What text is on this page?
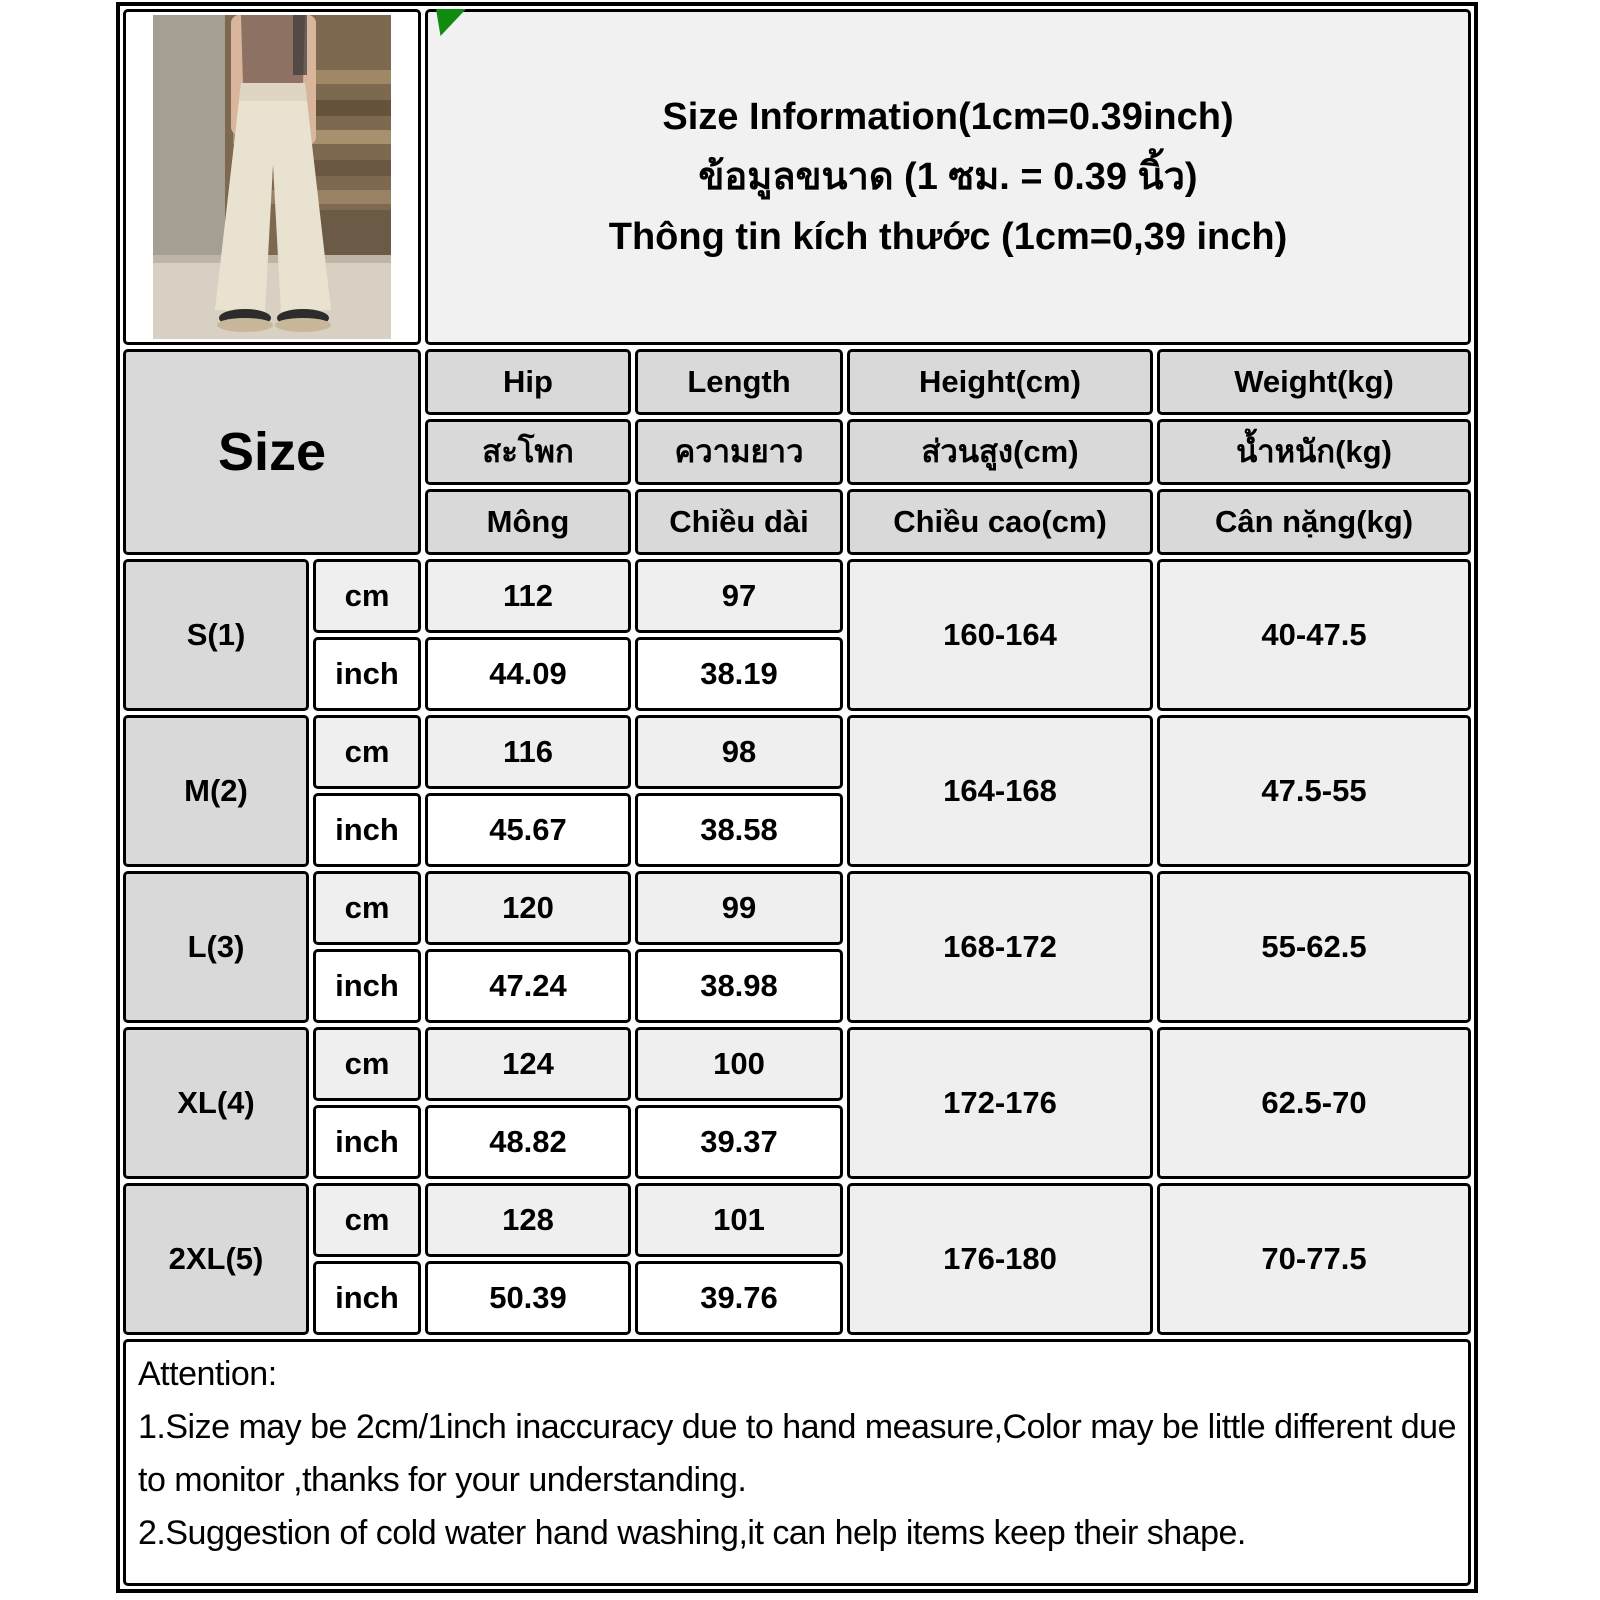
Size Information(1cm=0.39inch)
ข้อมูลขนาด (1 ซม. = 0.39 นิ้ว)
Thông tin kích thước (1cm=0,39 inch)
Size
Hip	Length	Height(cm)	Weight(kg)
สะโพก	ความยาว	ส่วนสูง(cm)	น้ำหนัก(kg)
Mông	Chiều dài	Chiều cao(cm)	Cân nặng(kg)
S(1)
cm	112	97
160-164	40-47.5
inch	44.09	38.19
M(2)
cm	116	98
164-168	47.5-55
inch	45.67	38.58
L(3)
cm	120	99
168-172	55-62.5
inch	47.24	38.98
XL(4)
cm	124	100
172-176	62.5-70
inch	48.82	39.37
2XL(5)
cm	128	101
176-180	70-77.5
inch	50.39	39.76

Attention:

1.Size may be 2cm/1inch inaccuracy due to hand measure,Color may be little different due to monitor ,thanks for your understanding.

2.Suggestion of cold water hand washing,it can help items keep their shape.
